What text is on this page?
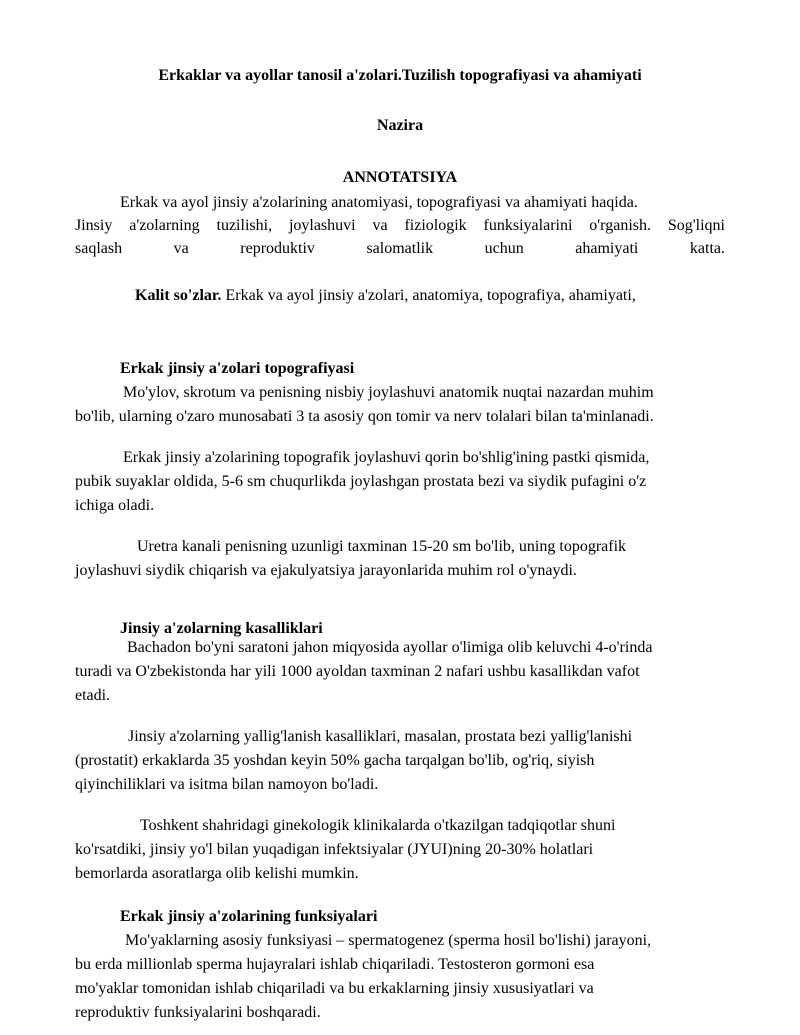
Erkaklar va ayollar tanosil a'zolari.Tuzilish topografiyasi va ahamiyati
Nazira
ANNOTATSIYA
Erkak va ayol jinsiy a'zolarining anatomiyasi, topografiyasi va ahamiyati haqida.
Jinsiy a'zolarning tuzilishi, joylashuvi va fiziologik funksiyalarini o'rganish. Sog'liqni
saqlash va reproduktiv salomatlik uchun ahamiyati katta.
Kalit so'zlar. Erkak va ayol jinsiy a'zolari, anatomiya, topografiya, ahamiyati,
Erkak jinsiy a'zolari topografiyasi
Mo'ylov, skrotum va penisning nisbiy joylashuvi anatomik nuqtai nazardan muhim
bo'lib, ularning o'zaro munosabati 3 ta asosiy qon tomir va nerv tolalari bilan ta'minlanadi.
Erkak jinsiy a'zolarining topografik joylashuvi qorin bo'shlig'ining pastki qismida,
pubik suyaklar oldida, 5-6 sm chuqurlikda joylashgan prostata bezi va siydik pufagini o'z
ichiga oladi.
Uretra kanali penisning uzunligi taxminan 15-20 sm bo'lib, uning topografik
joylashuvi siydik chiqarish va ejakulyatsiya jarayonlarida muhim rol o'ynaydi.
Jinsiy a'zolarning kasalliklari
Bachadon bo'yni saratoni jahon miqyosida ayollar o'limiga olib keluvchi 4-o'rinda
turadi va O'zbekistonda har yili 1000 ayoldan taxminan 2 nafari ushbu kasallikdan vafot
etadi.
Jinsiy a'zolarning yallig'lanish kasalliklari, masalan, prostata bezi yallig'lanishi
(prostatit) erkaklarda 35 yoshdan keyin 50% gacha tarqalgan bo'lib, og'riq, siyish
qiyinchiliklari va isitma bilan namoyon bo'ladi.
Toshkent shahridagi ginekologik klinikalarda o'tkazilgan tadqiqotlar shuni
ko'rsatdiki, jinsiy yo'l bilan yuqadigan infektsiyalar (JYUI)ning 20-30% holatlari
bemorlarda asoratlarga olib kelishi mumkin.
Erkak jinsiy a'zolarining funksiyalari
Mo'yaklarning asosiy funksiyasi – spermatogenez (sperma hosil bo'lishi) jarayoni,
bu erda millionlab sperma hujayralari ishlab chiqariladi. Testosteron gormoni esa
mo'yaklar tomonidan ishlab chiqariladi va bu erkaklarning jinsiy xususiyatlari va
reproduktiv funksiyalarini boshqaradi.
